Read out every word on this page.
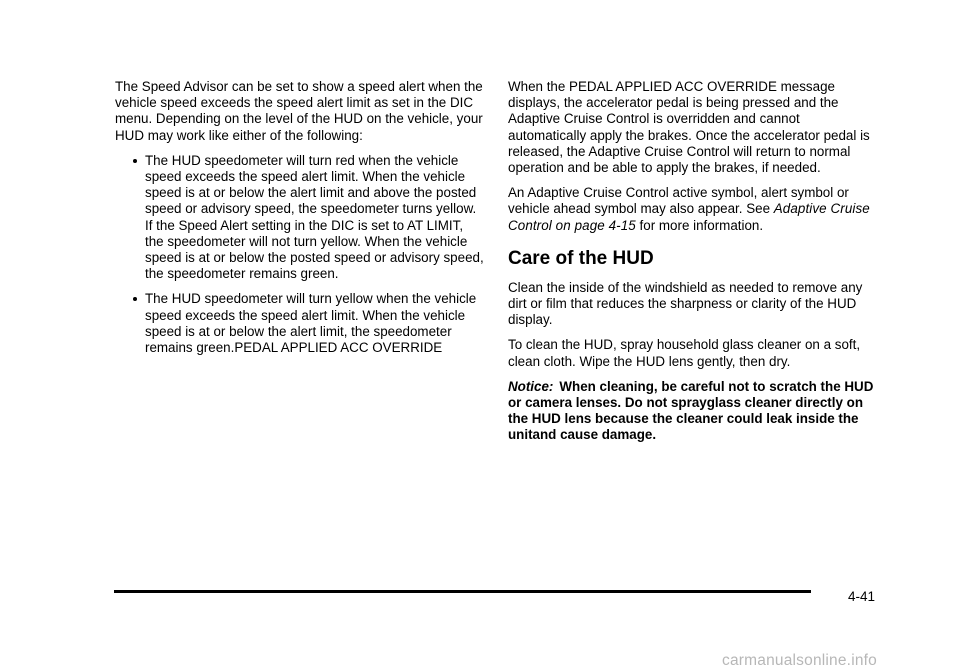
The Speed Advisor can be set to show a speed alert when the vehicle speed exceeds the speed alert limit as set in the DIC menu. Depending on the level of the HUD on the vehicle, your HUD may work like either of the following:

The HUD speedometer will turn red when the vehicle speed exceeds the speed alert limit. When the vehicle speed is at or below the alert limit and above the posted speed or advisory speed, the speedometer turns yellow. If the Speed Alert setting in the DIC is set to AT LIMIT, the speedometer will not turn yellow. When the vehicle speed is at or below the posted speed or advisory speed, the speedometer remains green.
The HUD speedometer will turn yellow when the vehicle speed exceeds the speed alert limit. When the vehicle speed is at or below the alert limit, the speedometer remains green.PEDAL APPLIED ACC OVERRIDE

When the PEDAL APPLIED ACC OVERRIDE message displays, the accelerator pedal is being pressed and the Adaptive Cruise Control is overridden and cannot automatically apply the brakes. Once the accelerator pedal is released, the Adaptive Cruise Control will return to normal operation and be able to apply the brakes, if needed.

An Adaptive Cruise Control active symbol, alert symbol or vehicle ahead symbol may also appear. See Adaptive Cruise Control on page 4-15 for more information.

Care of the HUD

Clean the inside of the windshield as needed to remove any dirt or film that reduces the sharpness or clarity of the HUD display.

To clean the HUD, spray household glass cleaner on a soft, clean cloth. Wipe the HUD lens gently, then dry.

Notice: When cleaning, be careful not to scratch the HUD or camera lenses. Do not sprayglass cleaner directly on the HUD lens because the cleaner could leak inside the unitand cause damage.

4-41
carmanualsonline.info
